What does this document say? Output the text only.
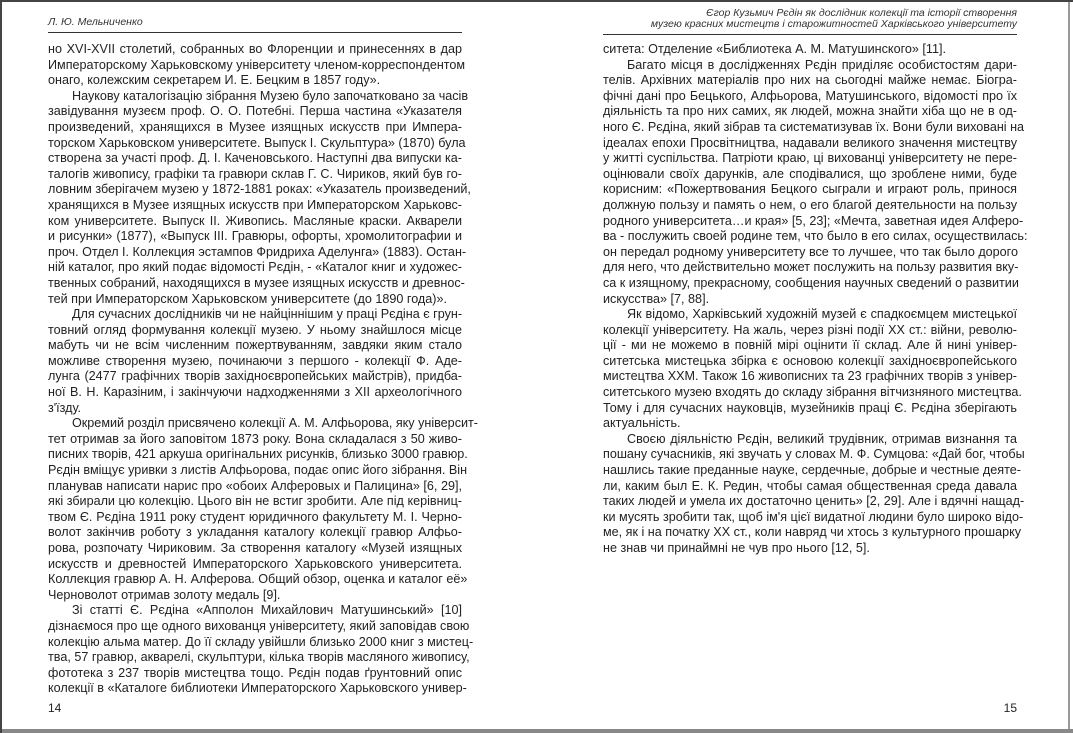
Л. Ю. Мельниченко
Єгор Кузьмич Рєдін як дослідник колекції та історії створення
музею красних мистецтв і старожитностей Харківського університету
но XVI-XVII столетий, собранных во Флоренции и принесеннях в дар
Императорскому Харьковскому університету членом-корреспондентом
онаго, колежским секретарем И. Е. Бецким в 1857 году».
Наукову каталогізацію зібрання Музею було започатковано за часів
завідування музеєм проф. О. О. Потебні. Перша частина «Указателя
произведений, хранящихся в Музее изящных искусств при Импера-
торском Харьковском университете. Выпуск І. Скульптура» (1870) була
створена за участі проф. Д. І. Каченовського. Наступні два випуски ка-
талогів живопису, графіки та гравюри склав Г. С. Чириков, який був го-
ловним зберігачем музею у 1872-1881 роках: «Указатель произведений,
хранящихся в Музее изящных искусств при Императорском Харьковс-
ком университете. Выпуск II. Живопись. Масляные краски. Акварели
и рисунки» (1877), «Выпуск III. Гравюры, офорты, хромолитографии и
проч. Отдел І. Коллекция эстампов Фридриха Аделунга» (1883). Остан-
ній каталог, про який подає відомості Рєдін, - «Каталог книг и художес-
твенных собраний, находящихся в музее изящных искусств и древнос-
тей при Императорском Харьковском университете (до 1890 года)».
Для сучасних дослідників чи не найціннішим у праці Рєдіна є грун-
товний огляд формування колекції музею. У ньому знайшлося місце
мабуть чи не всім численним пожертвуванням, завдяки яким стало
можливе створення музею, починаючи з першого - колекції Ф. Аде-
лунга (2477 графічних творів західноєвропейських майстрів), придба-
ної В. Н. Каразіним, і закінчуючи надходженнями з XII археологічного
з'їзду.
Окремий розділ присвячено колекції А. М. Алфьорова, яку університ-
тет отримав за його заповітом 1873 року. Вона складалася з 50 живо-
писних творів, 421 аркуша оригінальних рисунків, близько 3000 гравюр.
Рєдін вміщує уривки з листів Алфьорова, подає опис його зібрання. Він
планував написати нарис про «обоих Алферовых и Палицина» [6, 29],
які збирали цю колекцію. Цього він не встиг зробити. Але під керівниц-
твом Є. Рєдіна 1911 року студент юридичного факультету М. І. Черно-
волот закінчив роботу з укладання каталогу колекції гравюр Алфьо-
рова, розпочату Чириковим. За створення каталогу «Музей изящных
искусств и древностей Императорского Харьковского университета.
Коллекция гравюр А. Н. Алферова. Общий обзор, оценка и каталог её»
Черноволот отримав золоту медаль [9].
Зі статті Є. Рєдіна «Апполон Михайлович Матушинський» [10]
дізнаємося про ще одного вихованця університету, який заповідав свою
колекцію альма матер. До її складу увійшли близько 2000 книг з мистец-
тва, 57 гравюр, акварелі, скульптури, кілька творів масляного живопису,
фототека з 237 творів мистецтва тощо. Рєдін подав ґрунтовний опис
колекції в «Каталоге библиотеки Императорского Харьковского универ-
ситета: Отделение «Библиотека А. М. Матушинского» [11].
Багато місця в дослідженнях Рєдін приділяє особистостям дари-
телів. Архівних матеріалів про них на сьогодні майже немає. Біогра-
фічні дані про Бецького, Алфьорова, Матушинського, відомості про їх
діяльність та про них самих, як людей, можна знайти хіба що не в од-
ного Є. Рєдіна, який зібрав та систематизував їх. Вони були виховані на
ідеалах епохи Просвітництва, надавали великого значення мистецтву
у житті суспільства. Патріоти краю, ці вихованці університету не пере-
оцінювали своїх дарунків, але сподівалися, що зроблене ними, буде
корисним: «Пожертвования Бецкого сыграли и играют роль, принося
должную пользу и память о нем, о его благой деятельности на пользу
родного университета…и края» [5, 23]; «Мечта, заветная идея Алферо-
ва - послужить своей родине тем, что было в его силах, осуществилась:
он передал родному университету все то лучшее, что так было дорого
для него, что действительно может послужить на пользу развития вку-
са к изящному, прекрасному, сообщения научных сведений о развитии
искусства» [7, 88].
Як відомо, Харківський художній музей є спадкоємцем мистецької
колекції університету. На жаль, через різні події ХХ ст.: війни, револю-
ції - ми не можемо в повній мірі оцінити її склад. Але й нині універ-
ситетська мистецька збірка є основою колекції західноєвропейського
мистецтва ХХМ. Також 16 живописних та 23 графічних творів з універ-
ситетського музею входять до складу зібрання вітчизняного мистецтва.
Тому і для сучасних науковців, музейників праці Є. Рєдіна зберігають
актуальність.
Своєю діяльністю Рєдін, великий трудівник, отримав визнання та
пошану сучасників, які звучать у словах М. Ф. Сумцова: «Дай бог, чтобы
нашлись такие преданные науке, сердечные, добрые и честные деяте-
ли, каким был Е. К. Редин, чтобы самая общественная среда давала
таких людей и умела их достаточно ценить» [2, 29]. Але і вдячні нащад-
ки мусять зробити так, щоб ім'я цієї видатної людини було широко відо-
ме, як і на початку ХХ ст., коли навряд чи хтось з культурного прошарку
не знав чи принаймні не чув про нього [12, 5].
14	15
